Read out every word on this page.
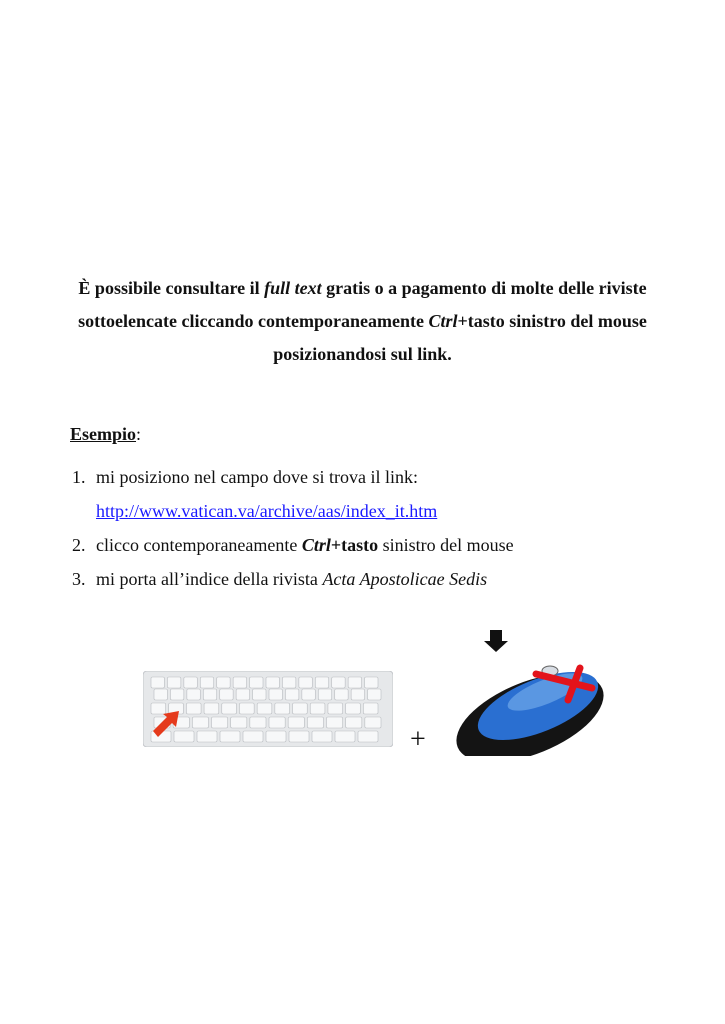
È possibile consultare il full text gratis o a pagamento di molte delle riviste sottoelencate cliccando contemporaneamente Ctrl+tasto sinistro del mouse posizionandosi sul link.
Esempio:
1. mi posiziono nel campo dove si trova il link:
http://www.vatican.va/archive/aas/index_it.htm
2. clicco contemporaneamente Ctrl+tasto sinistro del mouse
3. mi porta all’indice della rivista Acta Apostolicae Sedis
+
